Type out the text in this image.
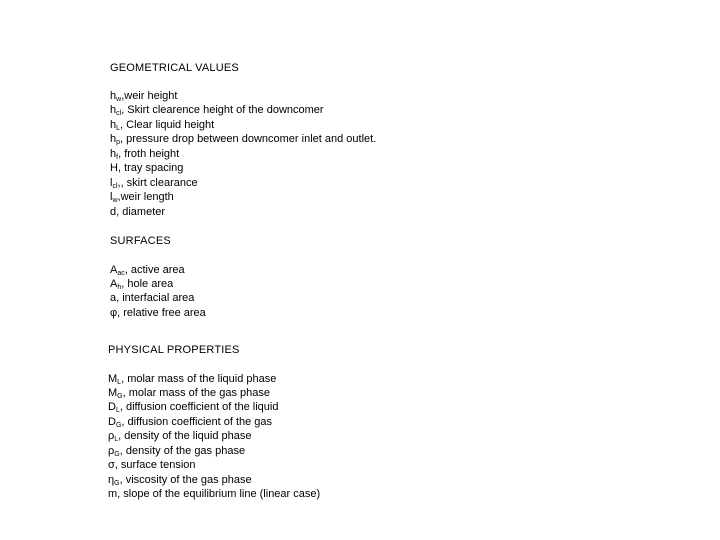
GEOMETRICAL VALUES
$h_w,weir$ height
$h_{cl}$, Skirt clearence height of the downcomer
$h_L$, Clear liquid height
$h_p$, pressure drop between downcomer inlet and outlet.
$h_f$, froth height
H, tray spacing
$l_{cl}$,, skirt clearance
$l_w,weir$ length
d, diameter
SURFACES
$A_{ac}$, active area
$A_h$, hole area
a, interfacial area
φ, relative free area
PHYSICAL PROPERTIES
$M_L$, molar mass of the liquid phase
$M_G$, molar mass of the gas phase
$D_L$, diffusion coefficient of the liquid
$D_G$, diffusion coefficient of the gas
$\rho_L$, density of the liquid phase
$\rho_G$, density of the gas phase
σ, surface tension
$\eta_G$, viscosity of the gas phase
m, slope of the equilibrium line (linear case)
